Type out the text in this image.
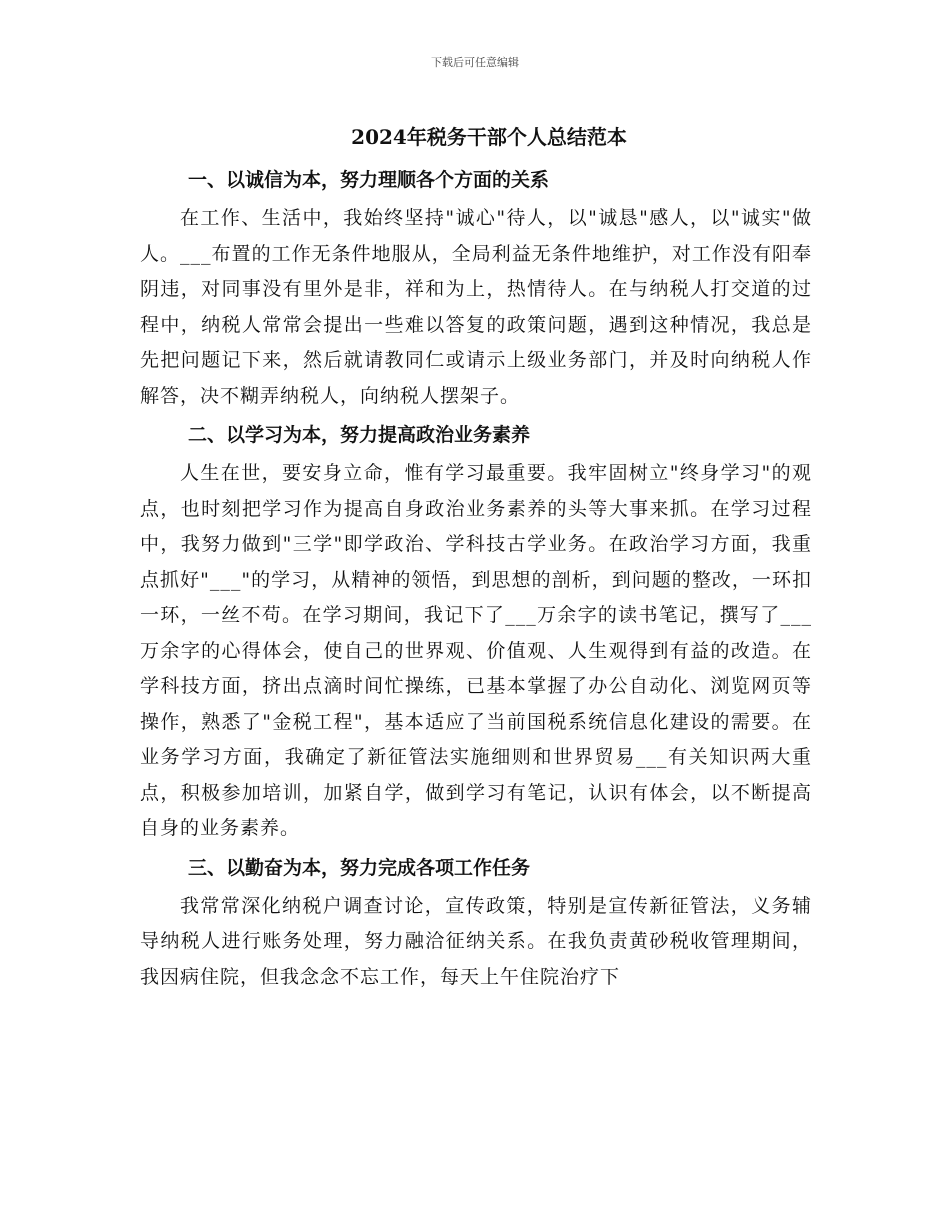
下载后可任意编辑
2024年税务干部个人总结范本
一、以诚信为本，努力理顺各个方面的关系

在工作、生活中，我始终坚持"诚心"待人，以"诚恳"感人，以"诚实"做人。___布置的工作无条件地服从，全局利益无条件地维护，对工作没有阳奉阴违，对同事没有里外是非，祥和为上，热情待人。在与纳税人打交道的过程中，纳税人常常会提出一些难以答复的政策问题，遇到这种情况，我总是先把问题记下来，然后就请教同仁或请示上级业务部门，并及时向纳税人作解答，决不糊弄纳税人，向纳税人摆架子。

二、以学习为本，努力提高政治业务素养

人生在世，要安身立命，惟有学习最重要。我牢固树立"终身学习"的观点，也时刻把学习作为提高自身政治业务素养的头等大事来抓。在学习过程中，我努力做到"三学"即学政治、学科技古学业务。在政治学习方面，我重点抓好"___"的学习，从精神的领悟，到思想的剖析，到问题的整改，一环扣一环，一丝不苟。在学习期间，我记下了___万余字的读书笔记，撰写了___万余字的心得体会，使自己的世界观、价值观、人生观得到有益的改造。在学科技方面，挤出点滴时间忙操练，已基本掌握了办公自动化、浏览网页等操作，熟悉了"金税工程"，基本适应了当前国税系统信息化建设的需要。在业务学习方面，我确定了新征管法实施细则和世界贸易___有关知识两大重点，积极参加培训，加紧自学，做到学习有笔记，认识有体会，以不断提高自身的业务素养。

三、以勤奋为本，努力完成各项工作任务

我常常深化纳税户调查讨论，宣传政策，特别是宣传新征管法，义务辅导纳税人进行账务处理，努力融洽征纳关系。在我负责黄砂税收管理期间，我因病住院，但我念念不忘工作，每天上午住院治疗下
